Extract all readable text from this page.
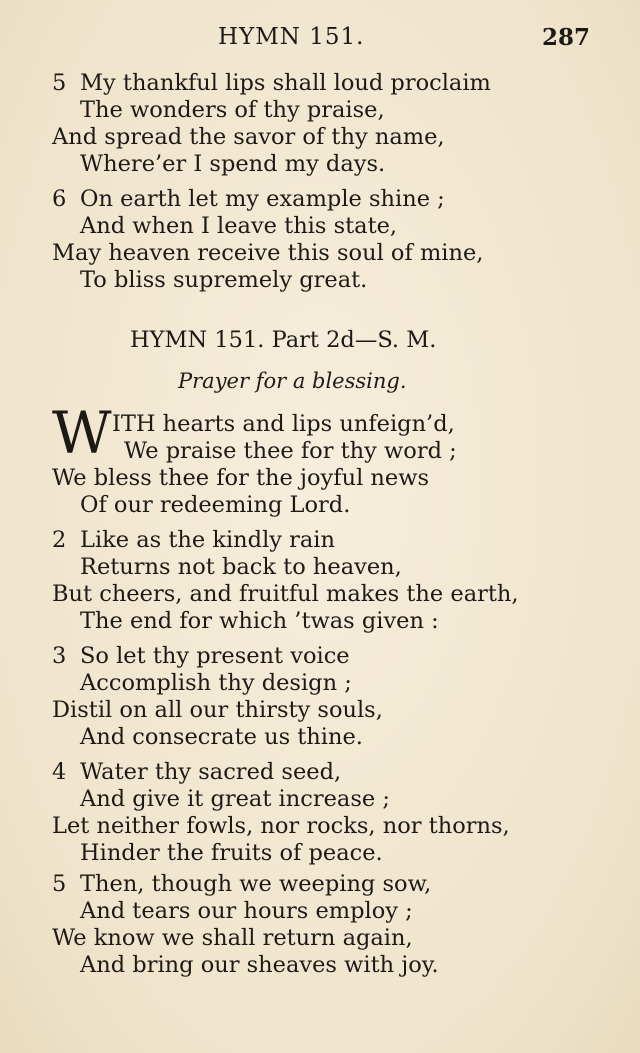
HYMN 151.	287
5 My thankful lips shall loud proclaim
The wonders of thy praise,
And spread the savor of thy name,
Where’er I spend my days.
6 On earth let my example shine ;
And when I leave this state,
May heaven receive this soul of mine,
To bliss supremely great.
HYMN 151. Part 2d—S. M.
Prayer for a blessing.
W ITH hearts and lips unfeign’d,
We praise thee for thy word ;
We bless thee for the joyful news
Of our redeeming Lord.
2 Like as the kindly rain
Returns not back to heaven,
But cheers, and fruitful makes the earth,
The end for which ’twas given :
3 So let thy present voice
Accomplish thy design ;
Distil on all our thirsty souls,
And consecrate us thine.
4 Water thy sacred seed,
And give it great increase ;
Let neither fowls, nor rocks, nor thorns,
Hinder the fruits of peace.
5 Then, though we weeping sow,
And tears our hours employ ;
We know we shall return again,
And bring our sheaves with joy.
